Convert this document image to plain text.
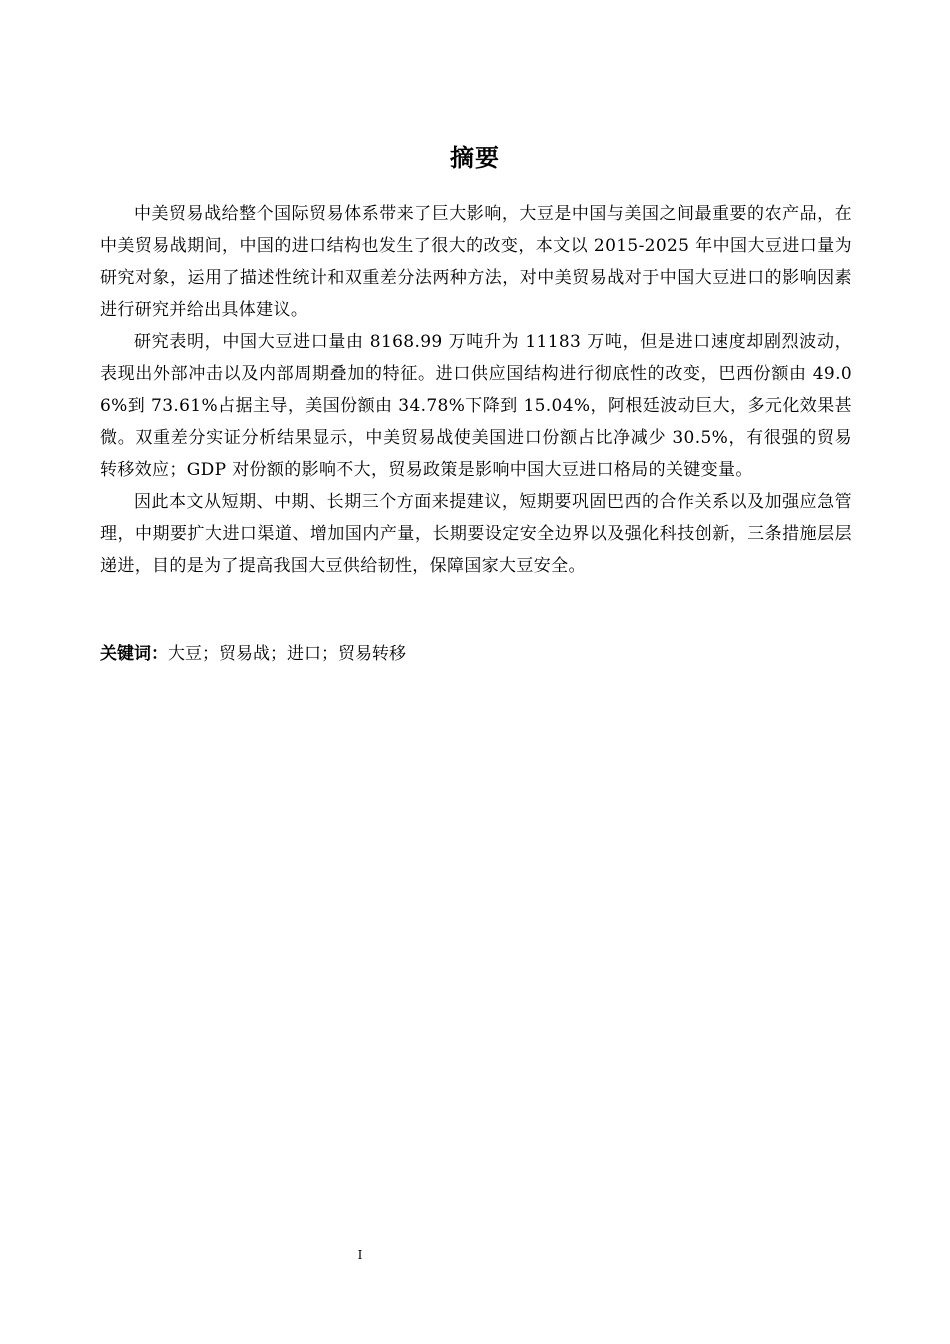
摘要

中美贸易战给整个国际贸易体系带来了巨大影响，大豆是中国与美国之间最重要的农产品，在中美贸易战期间，中国的进口结构也发生了很大的改变，本文以 2015-2025 年中国大豆进口量为研究对象，运用了描述性统计和双重差分法两种方法，对中美贸易战对于中国大豆进口的影响因素进行研究并给出具体建议。

研究表明，中国大豆进口量由 8168.99 万吨升为 11183 万吨，但是进口速度却剧烈波动，表现出外部冲击以及内部周期叠加的特征。进口供应国结构进行彻底性的改变，巴西份额由 49.06%到 73.61%占据主导，美国份额由 34.78%下降到 15.04%，阿根廷波动巨大，多元化效果甚微。双重差分实证分析结果显示，中美贸易战使美国进口份额占比净减少 30.5%，有很强的贸易转移效应；GDP 对份额的影响不大，贸易政策是影响中国大豆进口格局的关键变量。

因此本文从短期、中期、长期三个方面来提建议，短期要巩固巴西的合作关系以及加强应急管理，中期要扩大进口渠道、增加国内产量，长期要设定安全边界以及强化科技创新，三条措施层层递进，目的是为了提高我国大豆供给韧性，保障国家大豆安全。

关键词：大豆；贸易战；进口；贸易转移
I
